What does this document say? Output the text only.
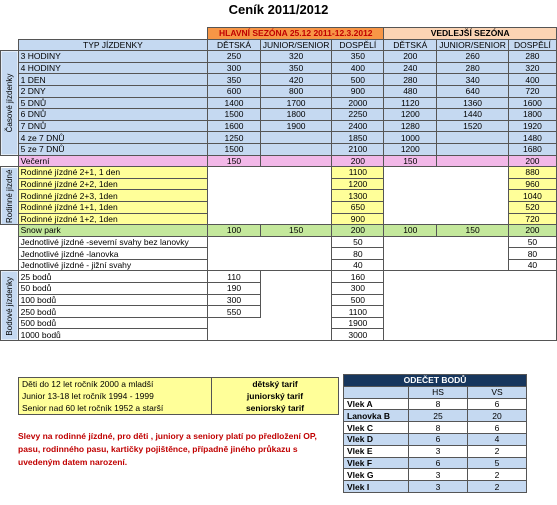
Ceník 2011/2012
		HLAVNÍ SEZÓNA 25.12 2011-12.3.2012			VEDLEJŠÍ SEZÓNA		
	TYP JÍZDENKY	DĚTSKÁ	JUNIOR/SENIOR	DOSPĚLÍ	DĚTSKÁ	JUNIOR/SENIOR	DOSPĚLÍ
Časové jízdenky	3 HODINY	250	320	350	200	260	280
	4 HODINY	300	350	400	240	280	320
	1 DEN	350	420	500	280	340	400
	2 DNY	600	800	900	480	640	720
	5 DNŮ	1400	1700	2000	1120	1360	1600
	6 DNŮ	1500	1800	2250	1200	1440	1800
	7 DNŮ	1600	1900	2400	1280	1520	1920
	4 ze 7 DNŮ	1250		1850	1000		1480
	5 ze 7 DNŮ	1500		2100	1200		1680
	Večerní	150		200	150		200
Rodinné jízdné	Rodinné jízdné 2+1, 1 den			1100			880
	Rodinné jízdné 2+2, 1den			1200			960
	Rodinné jízdné 2+3, 1den			1300			1040
	Rodinné jízdné 1+1, 1den			650			520
	Rodinné jízdné 1+2, 1den			900			720
	Snow park	100	150	200	100	150	200
	Jednotlivé jízdné -severní svahy bez lanovky			50			50
	Jednotlivé jízdné -lanovka			80			80
	Jednotlivé jízdné - jižní svahy			40			40
Bodové jízdenky	25 bodů	110		160			
	50 bodů	190		300			
	100 bodů	300		500			
	250 bodů	550		1100			
	500 bodů			1900			
	1000 bodů			3000			
Děti do 12 let ročník 2000 a mladší	dětský tarif
Junior 13-18 let ročník 1994 - 1999	juniorský tarif
Senior nad 60 let ročník 1952 a starší	seniorský tarif
Slevy na rodinné jízdné, pro děti , juniory a seniory platí po předložení OP, pasu, rodinného pasu, kartičky pojištěnce, případně jiného průkazu s uvedeným datem narození.
ODEČET BODŮ		
	HS	VS
Vlek A	8	6
Lanovka B	25	20
Vlek C	8	6
Vlek D	6	4
Vlek E	3	2
Vlek F	6	5
Vlek G	3	2
Vlek I	3	2
